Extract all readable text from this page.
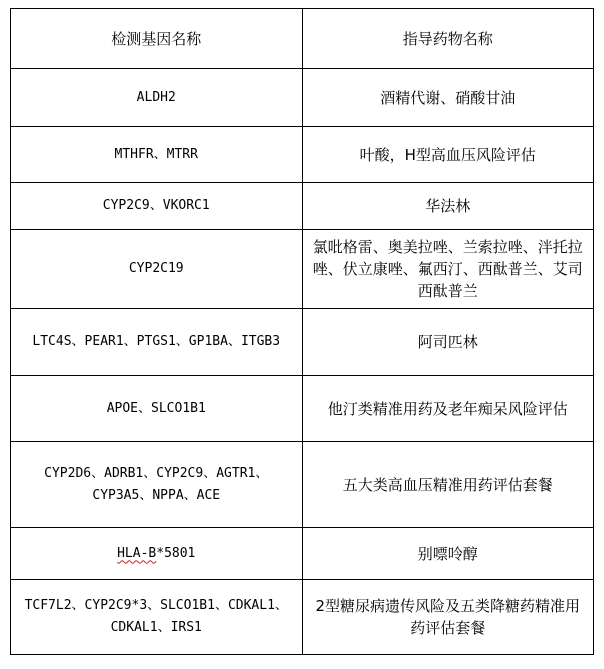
检测基因名称	指导药物名称
ALDH2	酒精代谢、硝酸甘油
MTHFR、MTRR	叶酸，H型高血压风险评估
CYP2C9、VKORC1	华法林
CYP2C19	氯吡格雷、奥美拉唑、兰索拉唑、泮托拉唑、伏立康唑、氟西汀、西酞普兰、艾司西酞普兰
LTC4S、PEAR1、PTGS1、GP1BA、ITGB3	阿司匹林
APOE、SLCO1B1	他汀类精准用药及老年痴呆风险评估
CYP2D6、ADRB1、CYP2C9、AGTR1、CYP3A5、NPPA、ACE	五大类高血压精准用药评估套餐
HLA-B*5801	别嘌呤醇
TCF7L2、CYP2C9*3、SLCO1B1、CDKAL1、CDKAL1、IRS1	2型糖尿病遗传风险及五类降糖药精准用药评估套餐
